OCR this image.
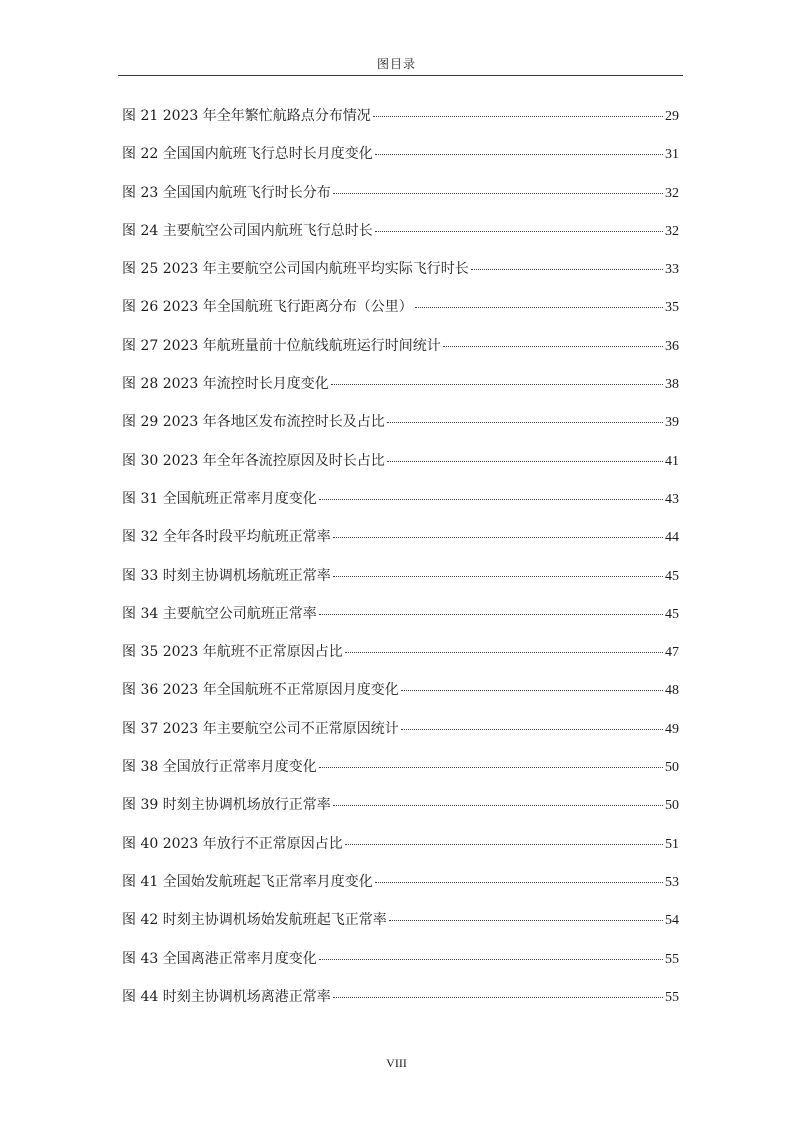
图目录
图 21 2023 年全年繁忙航路点分布情况	29
图 22 全国国内航班飞行总时长月度变化	31
图 23 全国国内航班飞行时长分布	32
图 24 主要航空公司国内航班飞行总时长	32
图 25 2023 年主要航空公司国内航班平均实际飞行时长	33
图 26 2023 年全国航班飞行距离分布（公里）	35
图 27 2023 年航班量前十位航线航班运行时间统计	36
图 28 2023 年流控时长月度变化	38
图 29 2023 年各地区发布流控时长及占比	39
图 30 2023 年全年各流控原因及时长占比	41
图 31 全国航班正常率月度变化	43
图 32 全年各时段平均航班正常率	44
图 33 时刻主协调机场航班正常率	45
图 34 主要航空公司航班正常率	45
图 35 2023 年航班不正常原因占比	47
图 36 2023 年全国航班不正常原因月度变化	48
图 37 2023 年主要航空公司不正常原因统计	49
图 38 全国放行正常率月度变化	50
图 39 时刻主协调机场放行正常率	50
图 40 2023 年放行不正常原因占比	51
图 41 全国始发航班起飞正常率月度变化	53
图 42 时刻主协调机场始发航班起飞正常率	54
图 43 全国离港正常率月度变化	55
图 44 时刻主协调机场离港正常率	55
VIII
